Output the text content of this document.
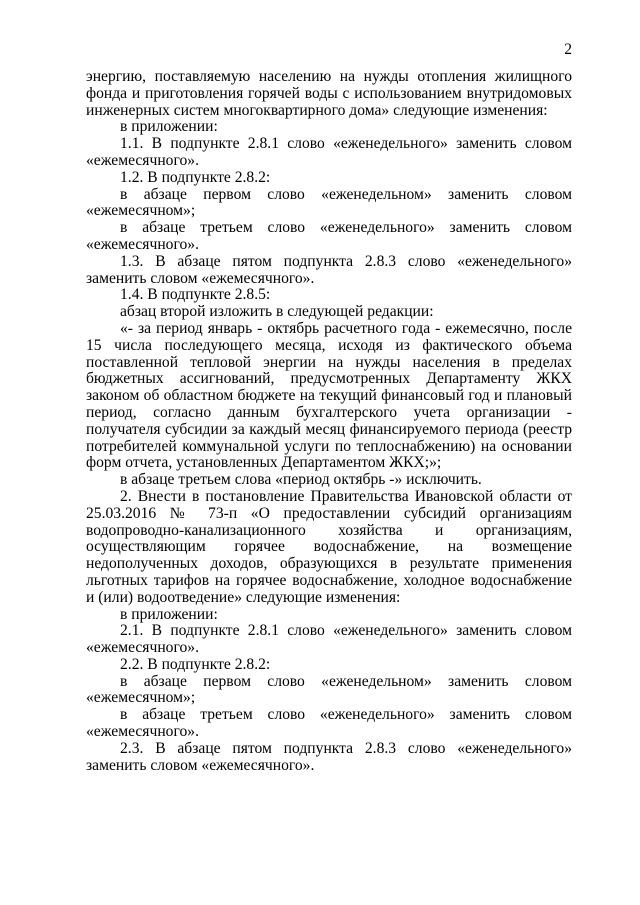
2

энергию, поставляемую населению на нужды отопления жилищного фонда и приготовления горячей воды с использованием внутридомовых инженерных систем многоквартирного дома» следующие изменения:

в приложении:

1.1. В подпункте 2.8.1 слово «еженедельного» заменить словом «ежемесячного».

1.2. В подпункте 2.8.2:

в абзаце первом слово «еженедельном» заменить словом «ежемесячном»;

в абзаце третьем слово «еженедельного» заменить словом «ежемесячного».

1.3. В абзаце пятом подпункта 2.8.3 слово «еженедельного» заменить словом «ежемесячного».

1.4. В подпункте 2.8.5:

абзац второй изложить в следующей редакции:

«- за период январь - октябрь расчетного года - ежемесячно, после 15 числа последующего месяца, исходя из фактического объема поставленной тепловой энергии на нужды населения в пределах бюджетных ассигнований, предусмотренных Департаменту ЖКХ законом об областном бюджете на текущий финансовый год и плановый период, согласно данным бухгалтерского учета организации - получателя субсидии за каждый месяц финансируемого периода (реестр потребителей коммунальной услуги по теплоснабжению) на основании форм отчета, установленных Департаментом ЖКХ;»;

в абзаце третьем слова «период октябрь -» исключить.

2. Внести в постановление Правительства Ивановской области от 25.03.2016 № 73-п «О предоставлении субсидий организациям водопроводно-канализационного хозяйства и организациям, осуществляющим горячее водоснабжение, на возмещение недополученных доходов, образующихся в результате применения льготных тарифов на горячее водоснабжение, холодное водоснабжение и (или) водоотведение» следующие изменения:

в приложении:

2.1. В подпункте 2.8.1 слово «еженедельного» заменить словом «ежемесячного».

2.2. В подпункте 2.8.2:

в абзаце первом слово «еженедельном» заменить словом «ежемесячном»;

в абзаце третьем слово «еженедельного» заменить словом «ежемесячного».

2.3. В абзаце пятом подпункта 2.8.3 слово «еженедельного» заменить словом «ежемесячного».
